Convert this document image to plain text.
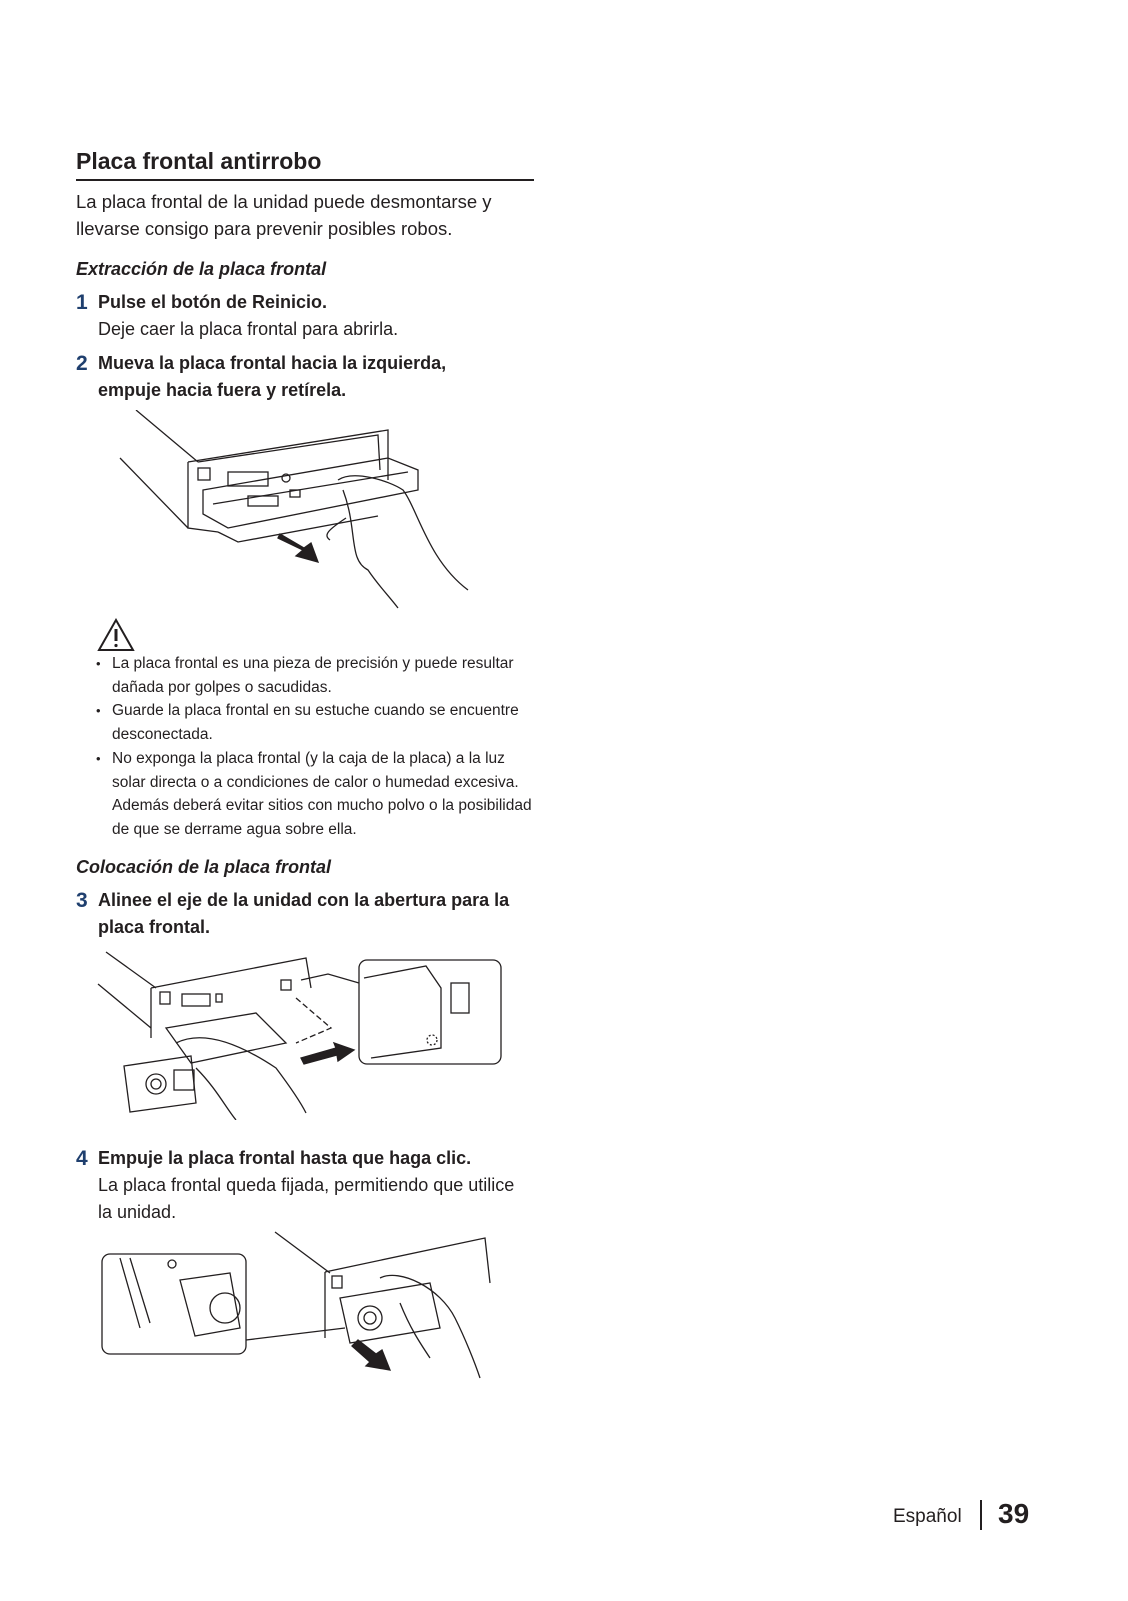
Placa frontal antirrobo
La placa frontal de la unidad puede desmontarse y llevarse consigo para prevenir posibles robos.
Extracción de la placa frontal
1 Pulse el botón de Reinicio.
Deje caer la placa frontal para abrirla.
2 Mueva la placa frontal hacia la izquierda, empuje hacia fuera y retírela.
• La placa frontal es una pieza de precisión y puede resultar dañada por golpes o sacudidas.
• Guarde la placa frontal en su estuche cuando se encuentre desconectada.
• No exponga la placa frontal (y la caja de la placa) a la luz solar directa o a condiciones de calor o humedad excesiva. Además deberá evitar sitios con mucho polvo o la posibilidad de que se derrame agua sobre ella.
Colocación de la placa frontal
3 Alinee el eje de la unidad con la abertura para la placa frontal.
4 Empuje la placa frontal hasta que haga clic.
La placa frontal queda fijada, permitiendo que utilice la unidad.
Español 39
